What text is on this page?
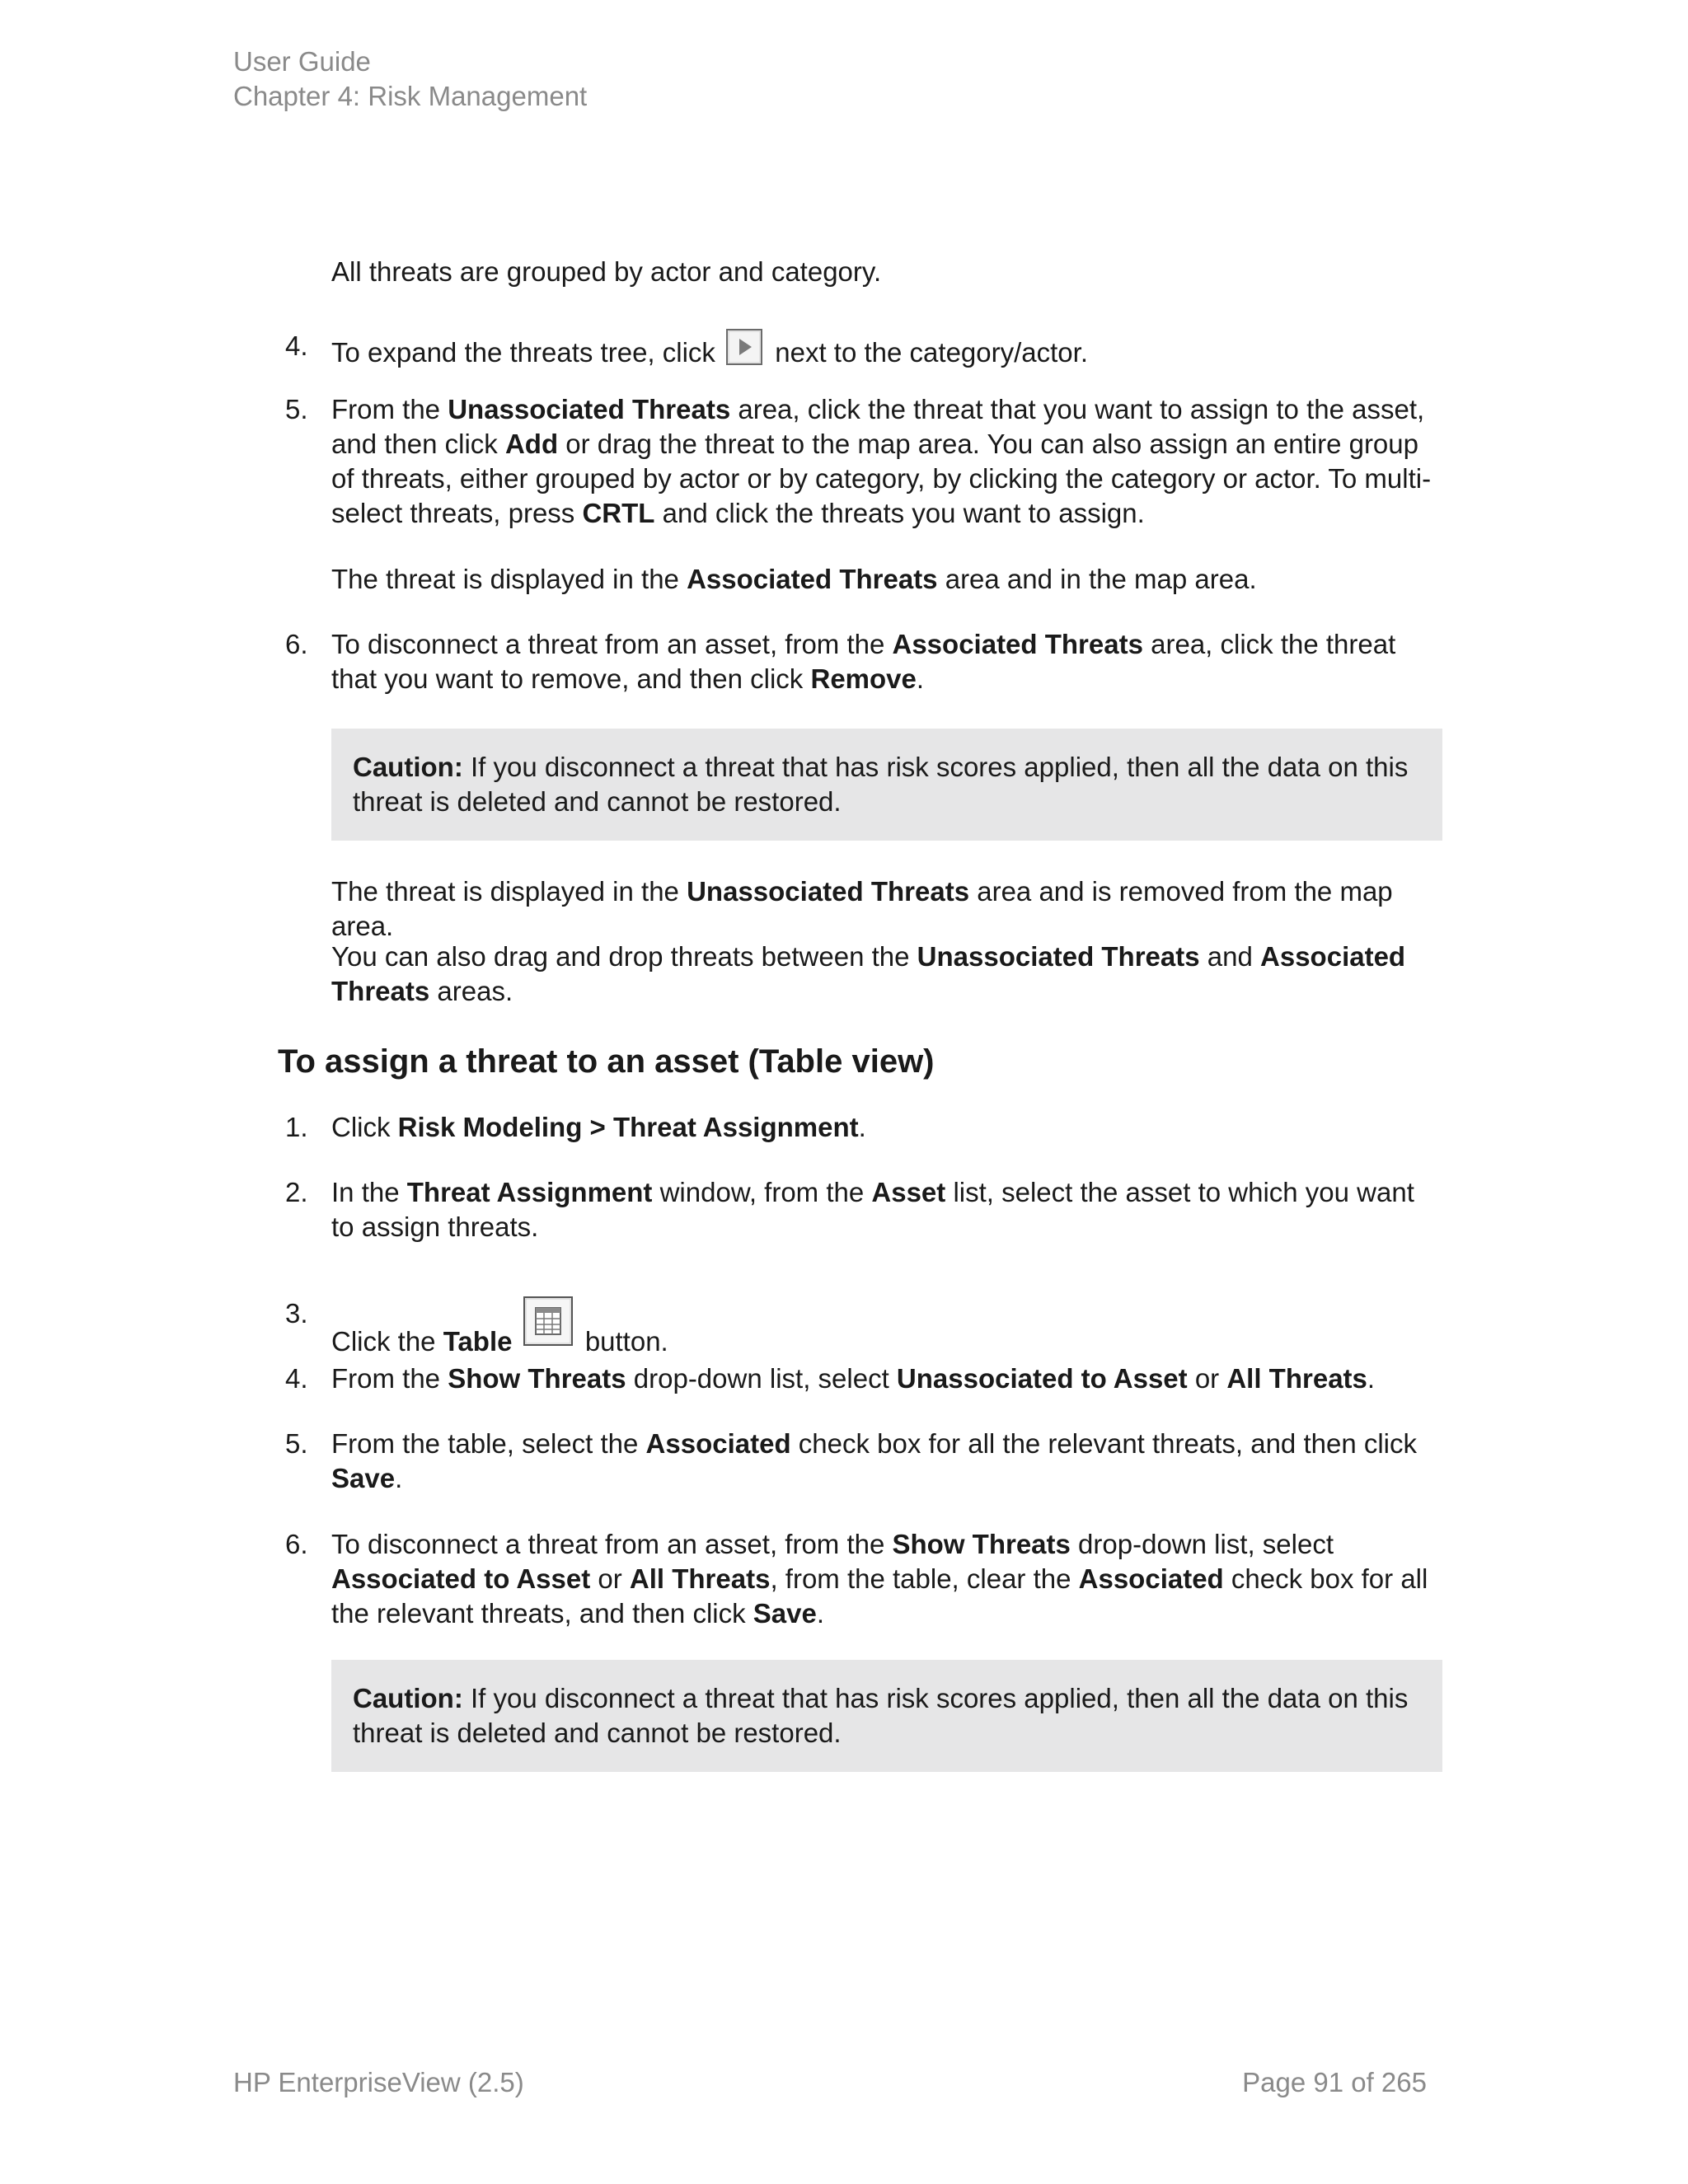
User Guide
Chapter 4: Risk Management
All threats are grouped by actor and category.
4. To expand the threats tree, click next to the category/actor.
5. From the Unassociated Threats area, click the threat that you want to assign to the asset, and then click Add or drag the threat to the map area. You can also assign an entire group of threats, either grouped by actor or by category, by clicking the category or actor. To multi-select threats, press CRTL and click the threats you want to assign.
The threat is displayed in the Associated Threats area and in the map area.
6. To disconnect a threat from an asset, from the Associated Threats area, click the threat that you want to remove, and then click Remove.
Caution: If you disconnect a threat that has risk scores applied, then all the data on this threat is deleted and cannot be restored.
The threat is displayed in the Unassociated Threats area and is removed from the map area.
You can also drag and drop threats between the Unassociated Threats and Associated Threats areas.
To assign a threat to an asset (Table view)
1. Click Risk Modeling > Threat Assignment.
2. In the Threat Assignment window, from the Asset list, select the asset to which you want to assign threats.
3.
Click the Table	button.
4. From the Show Threats drop-down list, select Unassociated to Asset or All Threats.
5. From the table, select the Associated check box for all the relevant threats, and then click Save.
6. To disconnect a threat from an asset, from the Show Threats drop-down list, select Associated to Asset or All Threats, from the table, clear the Associated check box for all the relevant threats, and then click Save.
Caution: If you disconnect a threat that has risk scores applied, then all the data on this threat is deleted and cannot be restored.
HP EnterpriseView (2.5)	Page 91 of 265
